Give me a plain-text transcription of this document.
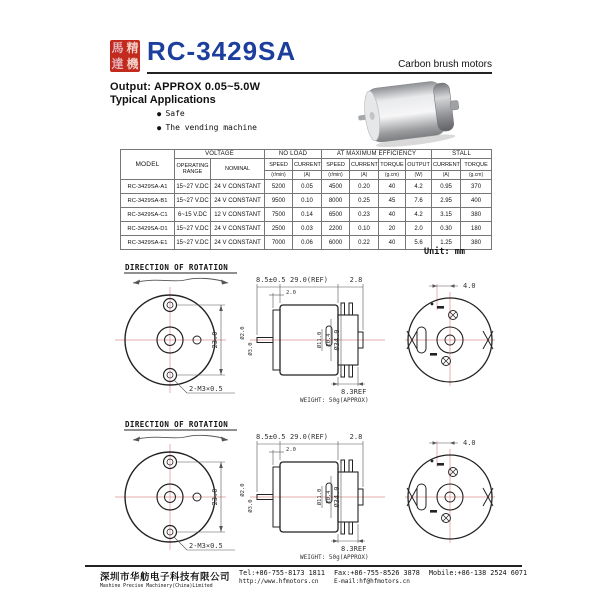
馬 精
達 機 RC-3429SA	Carbon brush motors
Output: APPROX 0.05~5.0W
Typical Applications
● Safe
● The vending machine
MODEL	VOLTAGE		NO LOAD		AT MAXIMUM EFFICIENCY				STALL	
	OPERATING RANGE	NOMINAL	SPEED	CURRENT	SPEED	CURRENT	TORQUE	OUTPUT	CURRENT	TORQUE
			(r/min)	(A)	(r/min)	(A)	(g.cm)	(W)	(A)	(g.cm)
RC-3429SA-A1	15~27 V.DC	24 V CONSTANT	5200	0.05	4500	0.20	40	4.2	0.95	370
RC-3429SA-B1	15~27 V.DC	24 V CONSTANT	9500	0.10	8000	0.25	45	7.6	2.95	400
RC-3429SA-C1	6~15 V.DC	12 V CONSTANT	7500	0.14	6500	0.23	40	4.2	3.15	380
RC-3429SA-D1	15~27 V.DC	24 V CONSTANT	2500	0.03	2200	0.10	20	2.0	0.30	180
RC-3429SA-E1	15~27 V.DC	24 V CONSTANT	7000	0.06	6000	0.22	40	5.6	1.25	380
Unit: mm
DIRECTION OF ROTATION
23.0
2-M3×0.5
8.5±0.5 29.0(REF)	2.8
2.0
Ø2.0
Ø3.0
Ø11.0 20.4 Ø34.0
8.3REF
4.0
WEIGHT: 50g(APPROX)
DIRECTION OF ROTATION
23.0
2-M3×0.5
8.5±0.5 29.0(REF)	2.8
2.0
Ø2.0
Ø3.0
Ø11.0 20.4 Ø34.0
8.3REF
4.0
WEIGHT: 50g(APPROX)
深圳市华舫电子科技有限公司
Mashine Precise Machinery(China)Limited
Tel:+86-755-8173 1811
http://www.hfmotors.cn
Fax:+86-755-8526 3878
E-mail:hf@hfmotors.cn
Mobile:+86-138 2524 6071
